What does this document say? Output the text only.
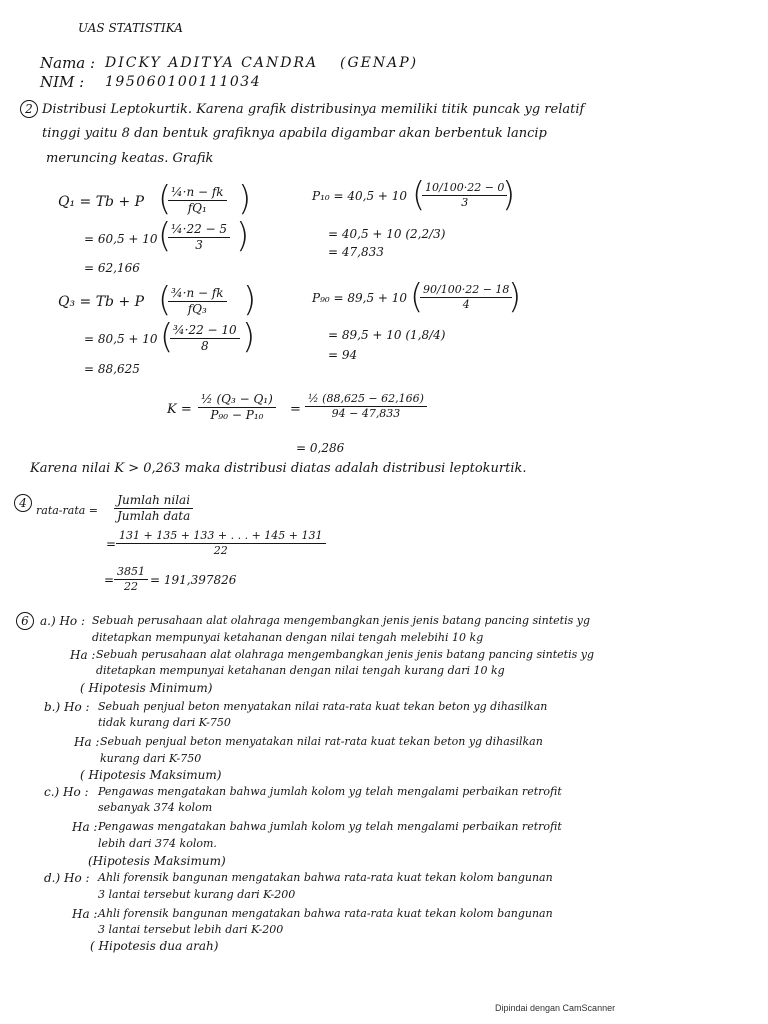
UAS STATISTIKA
Nama : DICKY ADITYA CANDRA (GENAP)
NIM : 195060100111034
2 Distribusi Leptokurtik. Karena grafik distribusinya memiliki titik puncak yg relatif
tinggi yaitu 8 dan bentuk grafiknya apabila digambar akan berbentuk lancip
meruncing keatas. Grafik
Q₁ = Tb + P (
$\frac{\text{¼·n − fk}}{\text{fQ₁}}$ )
= 60,5 + 10 (
$\frac{\text{¼·22 − 5}}{3}$ )
= 62,166
P₁₀ = 40,5 + 10 (
$\frac{10/100\cdot 22 - 0}{3}$
)
= 40,5 + 10 (2,2/3)
= 47,833
Q₃ = Tb + P (
$\frac{\text{¾·n − fk}}{\text{fQ₃}}$ )
= 80,5 + 10 (
$\frac{\text{¾·22 − 10}}{8}$ )
= 88,625
P₉₀ = 89,5 + 10 (
$\frac{90/100\cdot 22 - 18}{4}$
)
= 89,5 + 10 (1,8/4)
= 94
$K = \frac{\text{½ (Q₃ − Q₁)}}{\text{P₉₀ − P₁₀}} = \frac{\text{½ (88,625 − 62,166)}}{94 - 47,833}$
= 0,286
Karena nilai K > 0,263 maka distribusi diatas adalah distribusi leptokurtik.
4
rata-rata =
Jumlah nilai
Jumlah data
= $\frac{131 + 135 + 133 + . . . + 145 + 131}{22}$
= $\frac{3851}{22} = 191,397826$
6 a.) Ho : Sebuah perusahaan alat olahraga mengembangkan jenis jenis batang pancing sintetis yg
ditetapkan mempunyai ketahanan dengan nilai tengah melebihi 10 kg
Ha : Sebuah perusahaan alat olahraga mengembangkan jenis jenis batang pancing sintetis yg
ditetapkan mempunyai ketahanan dengan nilai tengah kurang dari 10 kg
( Hipotesis Minimum)
b.) Ho : Sebuah penjual beton menyatakan nilai rata-rata kuat tekan beton yg dihasilkan
tidak kurang dari K-750
Ha : Sebuah penjual beton menyatakan nilai rat-rata kuat tekan beton yg dihasilkan
kurang dari K-750
( Hipotesis Maksimum)
c.) Ho : Pengawas mengatakan bahwa jumlah kolom yg telah mengalami perbaikan retrofit
sebanyak 374 kolom
Ha : Pengawas mengatakan bahwa jumlah kolom yg telah mengalami perbaikan retrofit
lebih dari 374 kolom.
(Hipotesis Maksimum)
d.) Ho : Ahli forensik bangunan mengatakan bahwa rata-rata kuat tekan kolom bangunan
3 lantai tersebut kurang dari K-200
Ha : Ahli forensik bangunan mengatakan bahwa rata-rata kuat tekan kolom bangunan
3 lantai tersebut lebih dari K-200
( Hipotesis dua arah)
Dipindai dengan CamScanner
